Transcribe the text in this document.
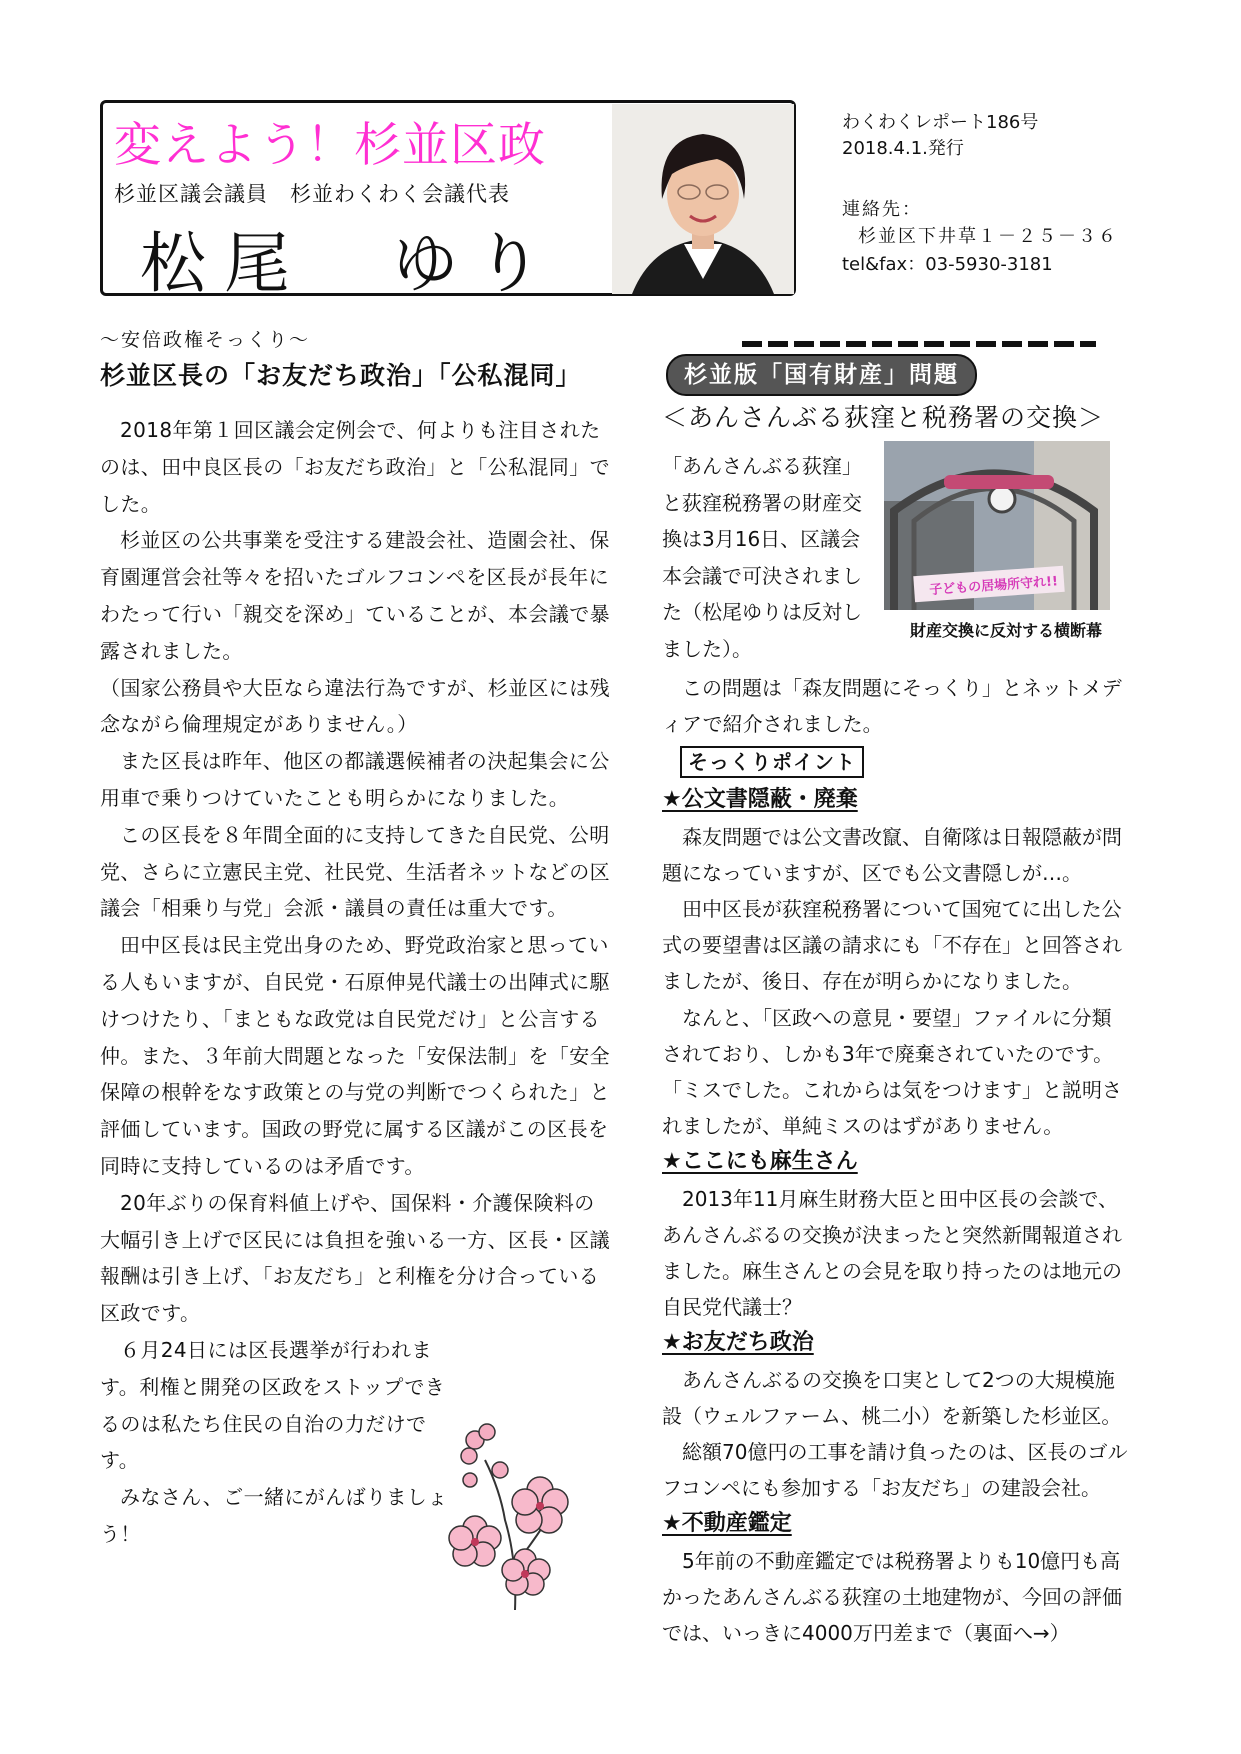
変えよう！杉並区政
杉並区議会議員　杉並わくわく会議代表
松尾　ゆり
わくわくレポート186号
2018.4.1.発行
連絡先：
杉並区下井草１－２５－３６
tel&fax：03-5930-3181
～安倍政権そっくり～
杉並区長の「お友だち政治」「公私混同」

2018年第１回区議会定例会で、何よりも注目されたのは、田中良区長の「お友だち政治」と「公私混同」でした。

杉並区の公共事業を受注する建設会社、造園会社、保育園運営会社等々を招いたゴルフコンペを区長が長年にわたって行い「親交を深め」ていることが、本会議で暴露されました。

（国家公務員や大臣なら違法行為ですが、杉並区には残念ながら倫理規定がありません。）

また区長は昨年、他区の都議選候補者の決起集会に公用車で乗りつけていたことも明らかになりました。

この区長を８年間全面的に支持してきた自民党、公明党、さらに立憲民主党、社民党、生活者ネットなどの区議会「相乗り与党」会派・議員の責任は重大です。

田中区長は民主党出身のため、野党政治家と思っている人もいますが、自民党・石原伸晃代議士の出陣式に駆けつけたり、「まともな政党は自民党だけ」と公言する仲。また、３年前大問題となった「安保法制」を「安全保障の根幹をなす政策との与党の判断でつくられた」と評価しています。国政の野党に属する区議がこの区長を同時に支持しているのは矛盾です。

20年ぶりの保育料値上げや、国保料・介護保険料の大幅引き上げで区民には負担を強いる一方、区長・区議報酬は引き上げ、「お友だち」と利権を分け合っている区政です。

６月24日には区長選挙が行われます。利権と開発の区政をストップできるのは私たち住民の自治の力だけです。

みなさん、ご一緒にがんばりましょう！

杉並版「国有財産」問題
＜あんさんぶる荻窪と税務署の交換＞

「あんさんぶる荻窪」と荻窪税務署の財産交換は3月16日、区議会本会議で可決されました（松尾ゆりは反対しました）。

子どもの居場所守れ!!
財産交換に反対する横断幕

この問題は「森友問題にそっくり」とネットメディアで紹介されました。

そっくりポイント

★公文書隠蔽・廃棄

森友問題では公文書改竄、自衛隊は日報隠蔽が問題になっていますが、区でも公文書隠しが…。

田中区長が荻窪税務署について国宛てに出した公式の要望書は区議の請求にも「不存在」と回答されましたが、後日、存在が明らかになりました。

なんと、「区政への意見・要望」ファイルに分類されており、しかも3年で廃棄されていたのです。「ミスでした。これからは気をつけます」と説明されましたが、単純ミスのはずがありません。

★ここにも麻生さん

2013年11月麻生財務大臣と田中区長の会談で、あんさんぶるの交換が決まったと突然新聞報道されました。麻生さんとの会見を取り持ったのは地元の自民党代議士？

★お友だち政治

あんさんぶるの交換を口実として2つの大規模施設（ウェルファーム、桃二小）を新築した杉並区。

総額70億円の工事を請け負ったのは、区長のゴルフコンペにも参加する「お友だち」の建設会社。

★不動産鑑定

5年前の不動産鑑定では税務署よりも10億円も高かったあんさんぶる荻窪の土地建物が、今回の評価では、いっきに4000万円差まで（裏面へ→）
